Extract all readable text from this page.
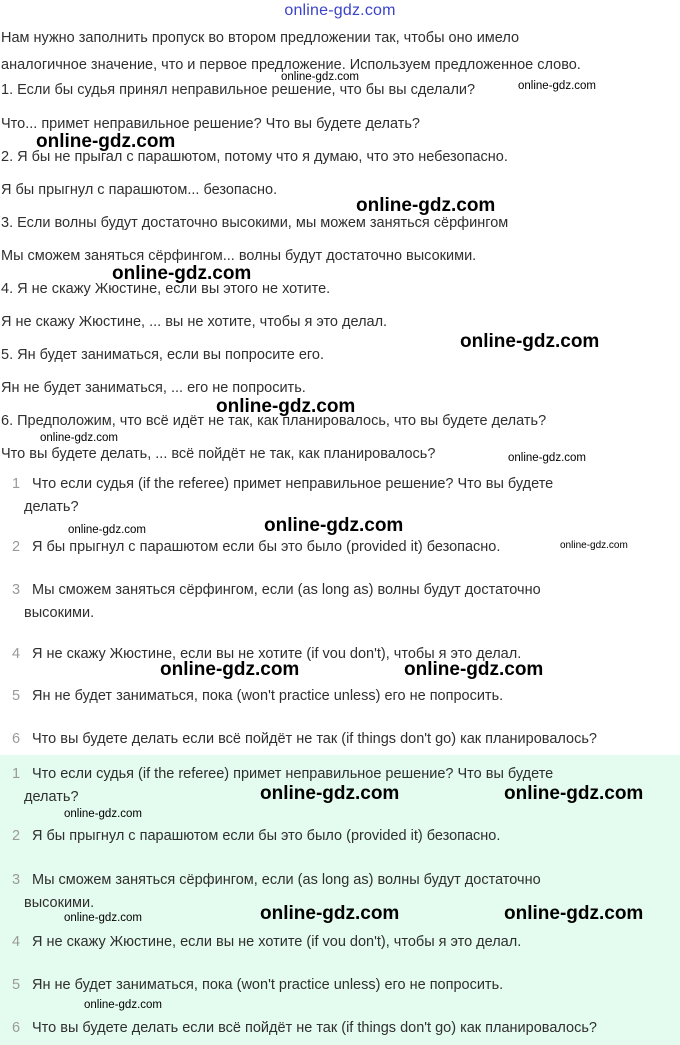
online-gdz.com
Нам нужно заполнить пропуск во втором предложении так, чтобы оно имело
аналогичное значение, что и первое предложение. Используем предложенное слово.
1. Если бы судья принял неправильное решение, что бы вы сделали?
Что... примет неправильное решение? Что вы будете делать?
2. Я бы не прыгал с парашютом, потому что я думаю, что это небезопасно.
Я бы прыгнул с парашютом... безопасно.
3. Если волны будут достаточно высокими, мы можем заняться сёрфингом
Мы сможем заняться сёрфингом... волны будут достаточно высокими.
4. Я не скажу Жюстине, если вы этого не хотите.
Я не скажу Жюстине, ... вы не хотите, чтобы я это делал.
5. Ян будет заниматься, если вы попросите его.
Ян не будет заниматься, ... его не попросить.
6. Предположим, что всё идёт не так, как планировалось, что вы будете делать?
Что вы будете делать, ... всё пойдёт не так, как планировалось?
1 Что если судья (if the referee) примет неправильное решение? Что вы будете
делать?
2 Я бы прыгнул с парашютом если бы это было (provided it) безопасно.
3 Мы сможем заняться сёрфингом, если (as long as) волны будут достаточно
высокими.
4 Я не скажу Жюстине, если вы не хотите (if vou don't), чтобы я это делал.
5 Ян не будет заниматься, пока (won't practice unless) его не попросить.
6 Что вы будете делать если всё пойдёт не так (if things don't go) как планировалось?
1 Что если судья (if the referee) примет неправильное решение? Что вы будете
делать?
2 Я бы прыгнул с парашютом если бы это было (provided it) безопасно.
3 Мы сможем заняться сёрфингом, если (as long as) волны будут достаточно
высокими.
4 Я не скажу Жюстине, если вы не хотите (if vou don't), чтобы я это делал.
5 Ян не будет заниматься, пока (won't practice unless) его не попросить.
6 Что вы будете делать если всё пойдёт не так (if things don't go) как планировалось?
online-gdz.com
online-gdz.com
online-gdz.com
online-gdz.com
online-gdz.com
online-gdz.com
online-gdz.com
online-gdz.com
online-gdz.com
online-gdz.com
online-gdz.com
online-gdz.com
online-gdz.com	online-gdz.com
online-gdz.com	online-gdz.com
online-gdz.com
online-gdz.com	online-gdz.com
online-gdz.com
online-gdz.com
